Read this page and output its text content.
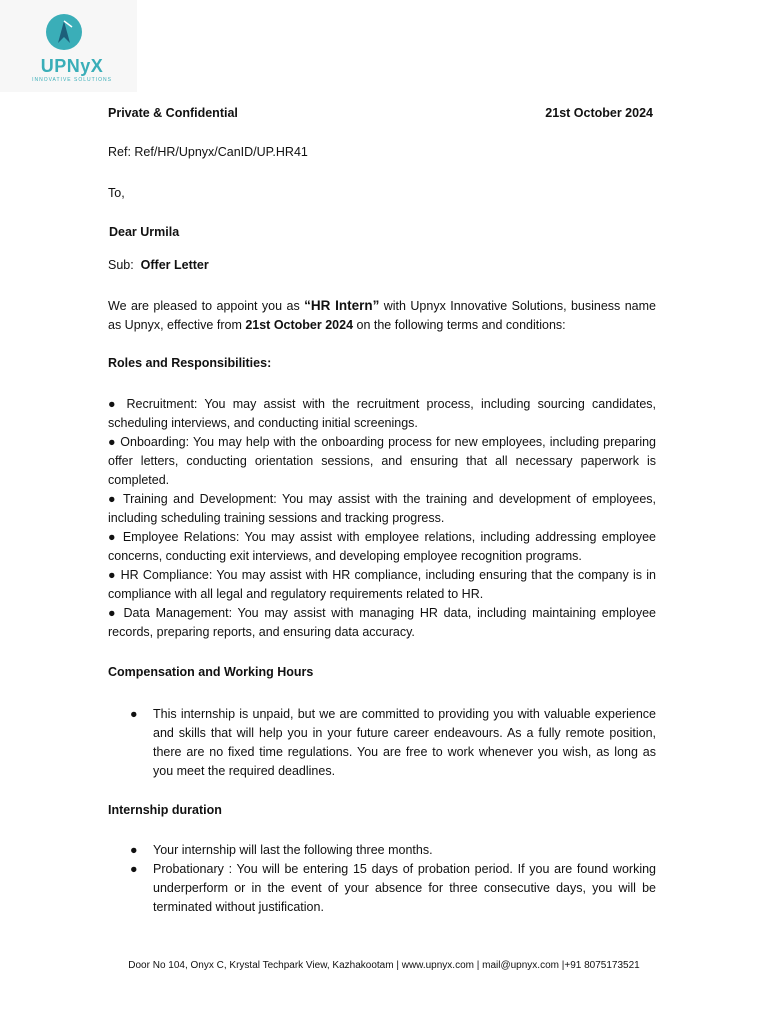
UPNyX
INNOVATIVE SOLUTIONS
Private & Confidential	21st October 2024
Ref: Ref/HR/Upnyx/CanID/UP.HR41
To,
Dear Urmila
Sub: Offer Letter
We are pleased to appoint you as “HR Intern” with Upnyx Innovative Solutions, business name as Upnyx, effective from 21st October 2024 on the following terms and conditions:
Roles and Responsibilities:
● Recruitment: You may assist with the recruitment process, including sourcing candidates, scheduling interviews, and conducting initial screenings.
● Onboarding: You may help with the onboarding process for new employees, including preparing offer letters, conducting orientation sessions, and ensuring that all necessary paperwork is completed.
● Training and Development: You may assist with the training and development of employees, including scheduling training sessions and tracking progress.
● Employee Relations: You may assist with employee relations, including addressing employee concerns, conducting exit interviews, and developing employee recognition programs.
● HR Compliance: You may assist with HR compliance, including ensuring that the company is in compliance with all legal and regulatory requirements related to HR.
● Data Management: You may assist with managing HR data, including maintaining employee records, preparing reports, and ensuring data accuracy.
Compensation and Working Hours
● This internship is unpaid, but we are committed to providing you with valuable experience and skills that will help you in your future career endeavours. As a fully remote position, there are no fixed time regulations. You are free to work whenever you wish, as long as you meet the required deadlines.
Internship duration
● Your internship will last the following three months.
● Probationary : You will be entering 15 days of probation period. If you are found working underperform or in the event of your absence for three consecutive days, you will be terminated without justification.
Door No 104, Onyx C, Krystal Techpark View, Kazhakootam | www.upnyx.com | mail@upnyx.com |+91 8075173521
